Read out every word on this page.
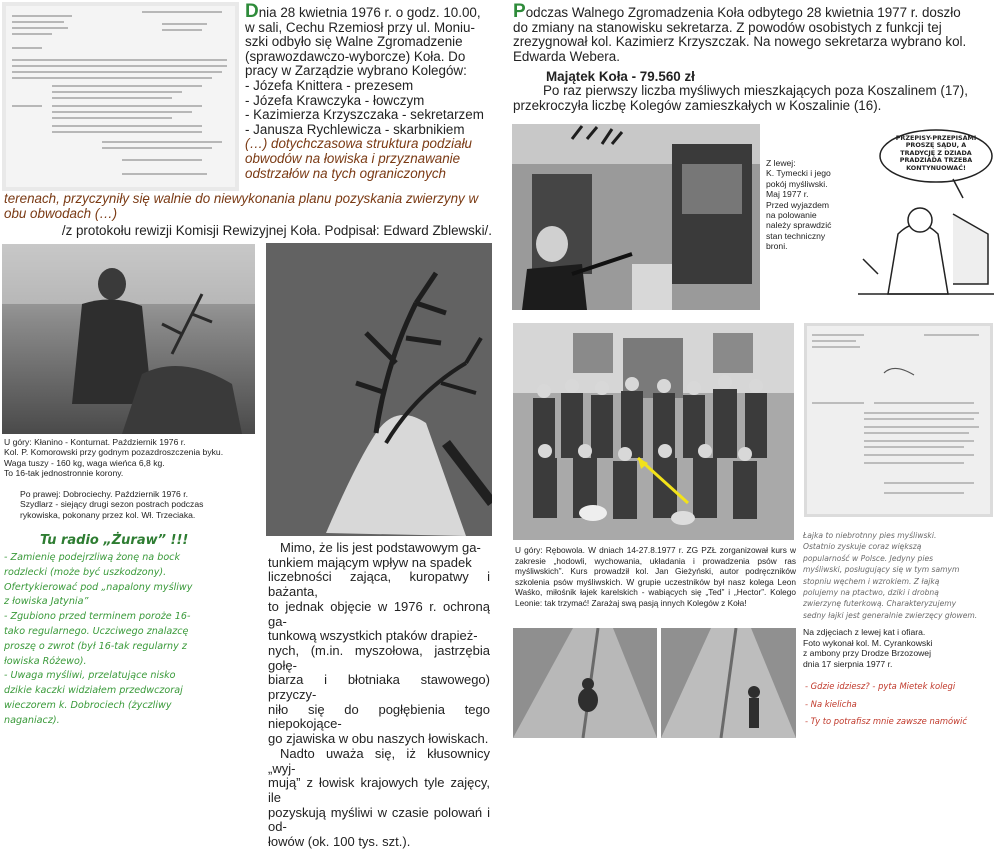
Dnia 28 kwietnia 1976 r. o godz. 10.00,

w sali, Cechu Rzemiosł przy ul. Moniu-

szki odbyło się Walne Zgromadzenie

(sprawozdawczo-wyborcze) Koła. Do

pracy w Zarządzie wybrano Kolegów:

- Józefa Knittera - prezesem

- Józefa Krawczyka - łowczym

- Kazimierza Krzyszczaka - sekretarzem

- Janusza Rychlewicza - skarbnikiem

(…) dotychczasowa struktura podziału

obwodów na łowiska i przyznawanie

odstrzałów na tych ograniczonych

terenach, przyczyniły się walnie do niewykonania planu pozyskania zwierzyny w

obu obwodach (…)

/z protokołu rewizji Komisji Rewizyjnej Koła. Podpisał: Edward Zblewski/.

U góry: Kłanino - Konturnat. Październik 1976 r.

Kol. P. Komorowski przy godnym pozazdroszczenia byku.

Waga tuszy - 160 kg, waga wieńca 6,8 kg.

To 16-tak jednostronnie korony.

Po prawej: Dobrociechy. Październik 1976 r.

Szydlarz - siejący drugi sezon postrach podczas

rykowiska, pokonany przez kol. Wł. Trzeciaka.

Tu radio „Żuraw” !!!

- Zamienię podejrzliwą żonę na bock

rodzlecki (może być uszkodzony).

Ofertykierować pod „napalony myśliwy

z łowiska Jatynia”

- Zgubiono przed terminem poroże 16-

tako regularnego. Uczciwego znalazcę

proszę o zwrot (był 16-tak regularny z

łowiska Różewo).

- Uwaga myśliwi, przelatujące nisko

dzikie kaczki widziałem przedwczoraj

wieczorem k. Dobrociech (życzliwy

naganiacz).

Mimo, że lis jest podstawowym ga-

tunkiem mającym wpływ na spadek

liczebności zająca, kuropatwy i bażanta,

to jednak objęcie w 1976 r. ochroną ga-

tunkową wszystkich ptaków drapież-

nych, (m.in. myszołowa, jastrzębia gołę-

biarza i błotniaka stawowego) przyczy-

niło się do pogłębienia tego niepokojące-

go zjawiska w obu naszych łowiskach.

Nadto uważa się, iż kłusownicy „wyj-

mują” z łowisk krajowych tyle zajęcy, ile

pozyskują myśliwi w czasie polowań i od-

łowów (ok. 100 tys. szt.).

Podczas Walnego Zgromadzenia Koła odbytego 28 kwietnia 1977 r. doszło

do zmiany na stanowisku sekretarza. Z powodów osobistych z funkcji tej

zrezygnował kol. Kazimierz Krzyszczak. Na nowego sekretarza wybrano kol.

Edwarda Webera.

Majątek Koła - 79.560 zł

Po raz pierwszy liczba myśliwych mieszkających poza Koszalinem (17),

przekroczyła liczbę Kolegów zamieszkałych w Koszalinie (16).

Z lewej:

K. Tymecki i jego

pokój myśliwski.

Maj 1977 r.

Przed wyjazdem

na polowanie

należy sprawdzić

stan techniczny

broni.

PRZEPISY-PRZEPISAMI
PROSZĘ SĄDU, A
TRADYCJĘ Z DZIADA
PRADZIADA TRZEBA
KONTYNUOWAĆ!
U góry: Rębowola. W dniach 14-27.8.1977 r. ZG PZŁ zorganizował kurs w zakresie „hodowli, wychowania, układania i prowadzenia psów ras myśliwskich”. Kurs prowadził kol. Jan Gieżyński, autor podręczników szkolenia psów myśliwskich. W grupie uczestników był nasz kolega Leon Waśko, miłośnik łajek karelskich - wabiących się „Ted” i „Hector”. Kolego Leonie: tak trzymać! Zarażaj swą pasją innych Kolegów z Koła!

Łajka to niebrotnny pies myśliwski.

Ostatnio zyskuje coraz większą

popularność w Polsce. Jedyny pies

myśliwski, posługujący się w tym samym

stopniu węchem i wzrokiem. Z łajką

polujemy na ptactwo, dziki i drobną

zwierzynę futerkową. Charakteryzujemy

sedny łajki jest generalnie zwierzęcy głowem.

Na zdjęciach z lewej kat i ofiara.

Foto wykonał kol. M. Cyrankowski

z ambony przy Drodze Brzozowej

dnia 17 sierpnia 1977 r.

- Gdzie idziesz? - pyta Mietek kolegi

- Na kielicha

- Ty to potrafisz mnie zawsze namówić
